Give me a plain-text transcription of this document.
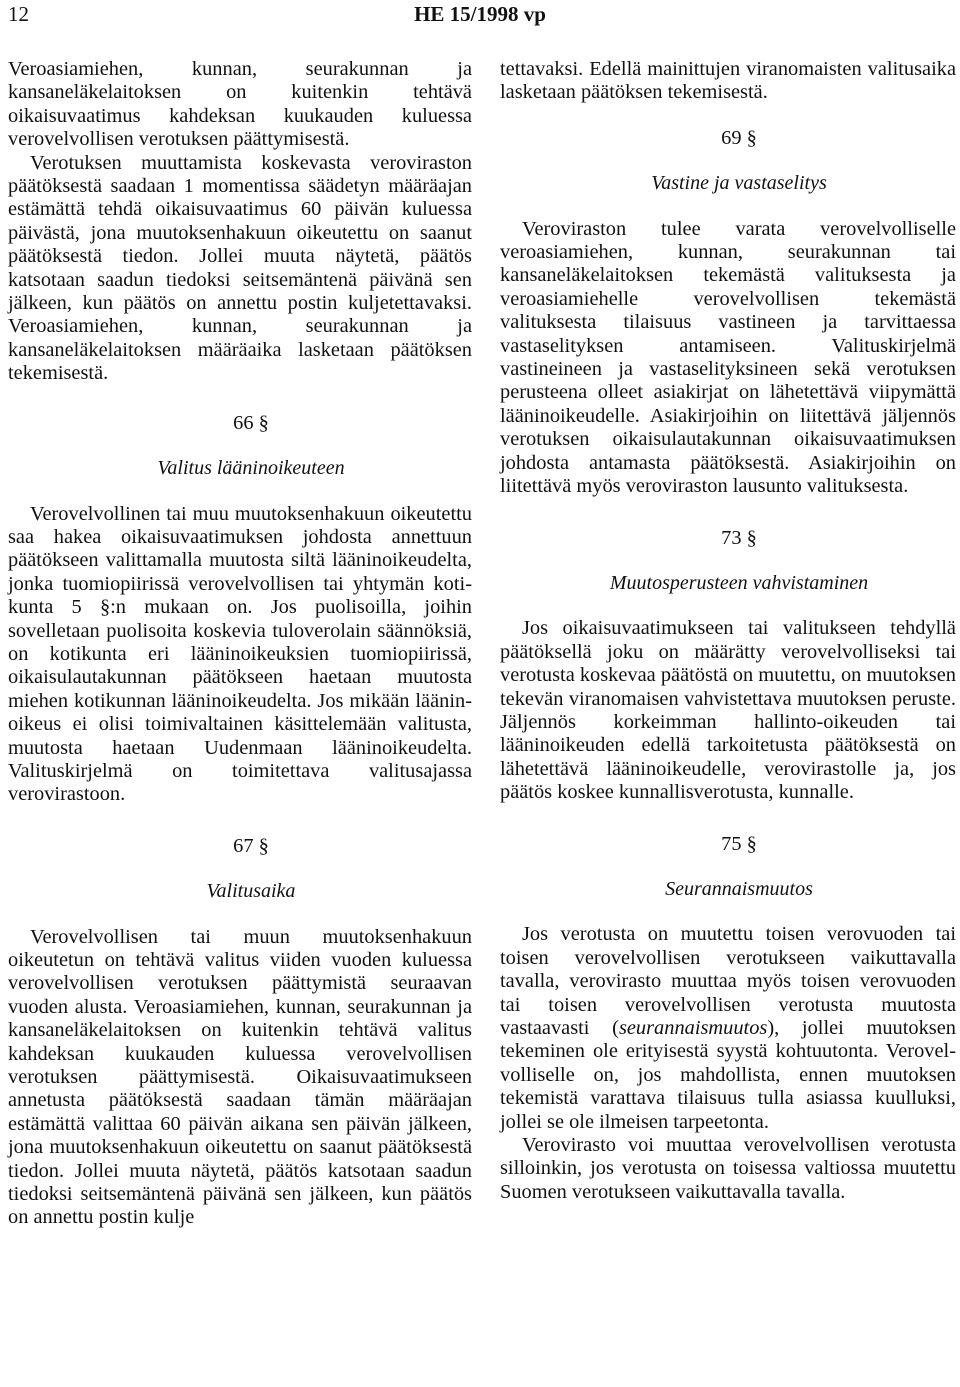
12	HE 15/1998 vp

Veroasiamiehen, kunnan, seurakunnan ja kansaneläkelaitoksen on kuitenkin tehtävä oikaisuvaatimus kahdeksan kuukauden kuluessa verovelvollisen verotuksen päättymisestä.

Verotuksen muuttamista koskevasta veroviraston päätöksestä saadaan 1 momentissa säädetyn määräajan estämättä tehdä oikaisuvaatimus 60 päivän kuluessa päivästä, jona muutoksenhakuun oikeutettu on saanut päätöksestä tiedon. Jollei muuta näytetä, päätös katsotaan saadun tiedoksi seitsemäntenä päivänä sen jälkeen, kun päätös on annettu postin kuljetettavaksi. Veroasiamiehen, kunnan, seurakunnan ja kansaneläkelaitoksen määräaika lasketaan päätöksen tekemisestä.

66 §

Valitus lääninoikeuteen

Verovelvollinen tai muu muutoksenhakuun oikeutettu saa hakea oikaisuvaatimuksen johdosta annettuun päätökseen valittamalla muutosta siltä lääninoikeudelta, jonka tuomiopiirissä verovelvollisen tai yhtymän kotikunta 5 §:n mukaan on. Jos puolisoilla, joihin sovelletaan puolisoita koskevia tuloverolain säännöksiä, on kotikunta eri lääninoikeuksien tuomiopiirissä, oikaisulautakunnan päätökseen haetaan muutosta miehen kotikunnan lääninoikeudelta. Jos mikään lääninoikeus ei olisi toimivaltainen käsittelemään valitusta, muutosta haetaan Uudenmaan lääninoikeudelta. Valituskirjelmä on toimitettava valitusajassa verovirastoon.

67 §

Valitusaika

Verovelvollisen tai muun muutoksenhakuun oikeutetun on tehtävä valitus viiden vuoden kuluessa verovelvollisen verotuksen päättymistä seuraavan vuoden alusta. Veroasiamiehen, kunnan, seurakunnan ja kansaneläkelaitoksen on kuitenkin tehtävä valitus kahdeksan kuukauden kuluessa verovelvollisen verotuksen päättymisestä. Oikaisuvaatimukseen annetusta päätöksestä saadaan tämän määräajan estämättä valittaa 60 päivän aikana sen päivän jälkeen, jona muutoksenhakuun oikeutettu on saanut päätöksestä tiedon. Jollei muuta näytetä, päätös katsotaan saadun tiedoksi seitsemäntenä päivänä sen jälkeen, kun päätös on annettu postin kulje

tettavaksi. Edellä mainittujen viranomaisten valitusaika lasketaan päätöksen tekemisestä.

69 §

Vastine ja vastaselitys

Veroviraston tulee varata verovelvolliselle veroasiamiehen, kunnan, seurakunnan tai kansaneläkelaitoksen tekemästä valituksesta ja veroasiamiehelle verovelvollisen tekemästä valituksesta tilaisuus vastineen ja tarvittaessa vastaselityksen antamiseen. Valituskirjelmä vastineineen ja vastaselityksineen sekä verotuksen perusteena olleet asiakirjat on lähetettävä viipymättä lääninoikeudelle. Asiakirjoihin on liitettävä jäljennös verotuksen oikaisulautakunnan oikaisuvaatimuksen johdosta antamasta päätöksestä. Asiakirjoihin on liitettävä myös veroviraston lausunto valituksesta.

73 §

Muutosperusteen vahvistaminen

Jos oikaisuvaatimukseen tai valitukseen tehdyllä päätöksellä joku on määrätty verovelvolliseksi tai verotusta koskevaa päätöstä on muutettu, on muutoksen tekevän viranomaisen vahvistettava muutoksen peruste. Jäljennös korkeimman hallinto-oikeuden tai lääninoikeuden edellä tarkoitetusta päätöksestä on lähetettävä lääninoikeudelle, verovirastolle ja, jos päätös koskee kunnallisverotusta, kunnalle.

75 §

Seurannaismuutos

Jos verotusta on muutettu toisen verovuoden tai toisen verovelvollisen verotukseen vaikuttavalla tavalla, verovirasto muuttaa myös toisen verovuoden tai toisen verovelvollisen verotusta muutosta vastaavasti (seurannaismuutos), jollei muutoksen tekeminen ole erityisestä syystä kohtuutonta. Verovelvolliselle on, jos mahdollista, ennen muutoksen tekemistä varattava tilaisuus tulla asiassa kuulluksi, jollei se ole ilmeisen tarpeetonta.

Verovirasto voi muuttaa verovelvollisen verotusta silloinkin, jos verotusta on toisessa valtiossa muutettu Suomen verotukseen vaikuttavalla tavalla.
